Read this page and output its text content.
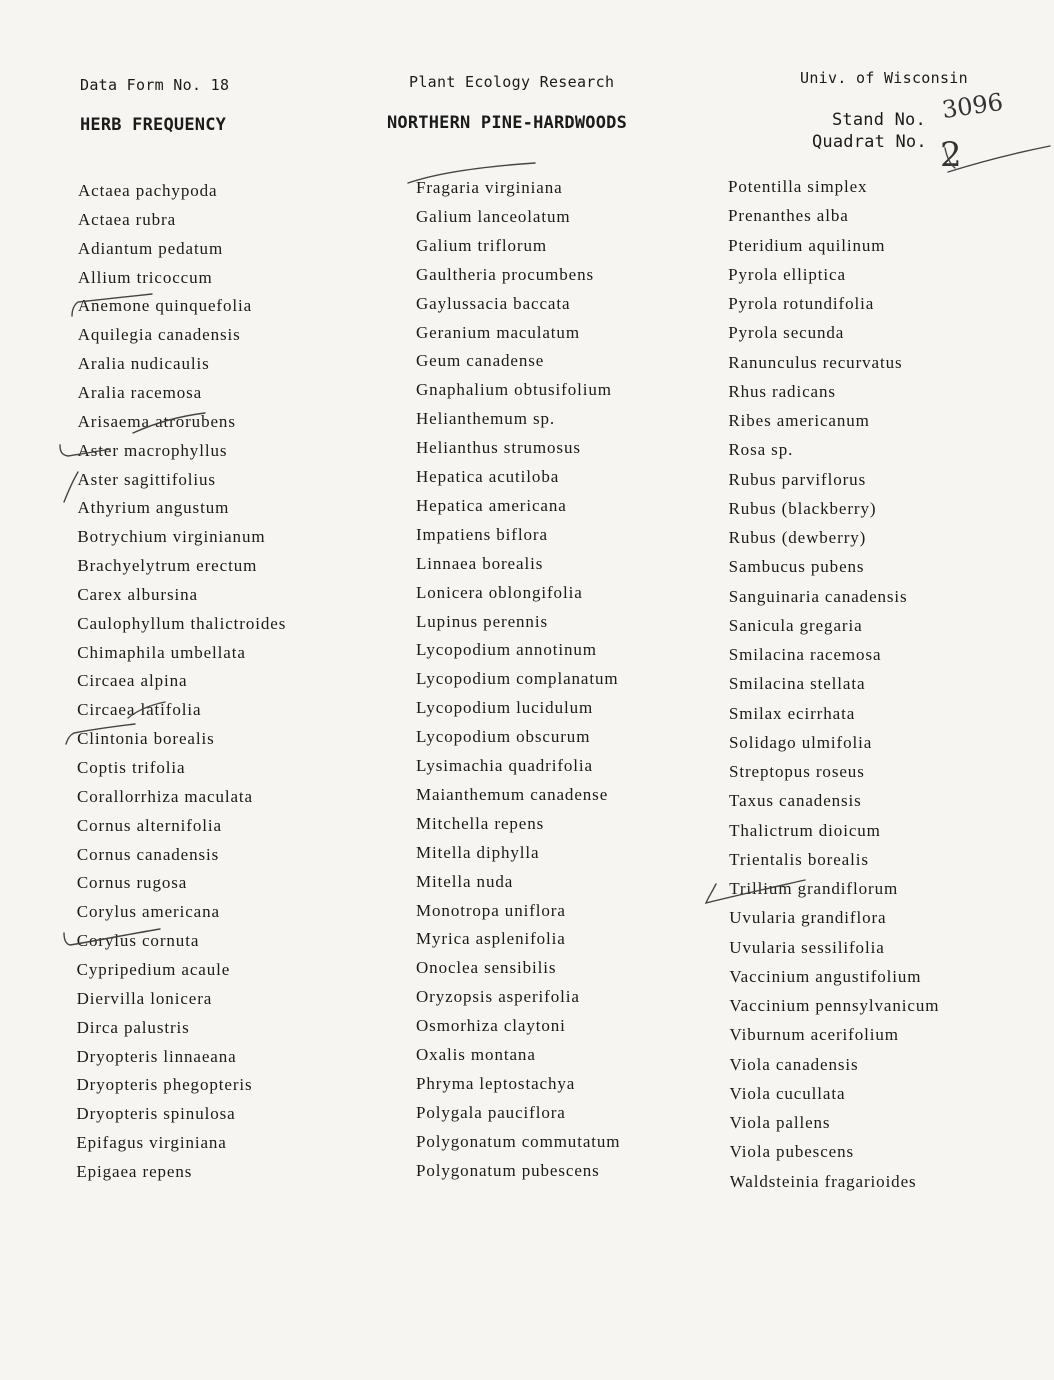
Data Form No. 18	Plant Ecology Research	Univ. of Wisconsin
HERB FREQUENCY	NORTHERN PINE-HARDWOODS	Stand No.
Quadrat No.
3096
2
Actaea pachypoda
Actaea rubra
Adiantum pedatum
Allium tricoccum
Anemone quinquefolia
Aquilegia canadensis
Aralia nudicaulis
Aralia racemosa
Arisaema atrorubens
Aster macrophyllus
Aster sagittifolius
Athyrium angustum
Botrychium virginianum
Brachyelytrum erectum
Carex albursina
Caulophyllum thalictroides
Chimaphila umbellata
Circaea alpina
Circaea latifolia
Clintonia borealis
Coptis trifolia
Corallorrhiza maculata
Cornus alternifolia
Cornus canadensis
Cornus rugosa
Corylus americana
Corylus cornuta
Cypripedium acaule
Diervilla lonicera
Dirca palustris
Dryopteris linnaeana
Dryopteris phegopteris
Dryopteris spinulosa
Epifagus virginiana
Epigaea repens
Fragaria virginiana
Galium lanceolatum
Galium triflorum
Gaultheria procumbens
Gaylussacia baccata
Geranium maculatum
Geum canadense
Gnaphalium obtusifolium
Helianthemum sp.
Helianthus strumosus
Hepatica acutiloba
Hepatica americana
Impatiens biflora
Linnaea borealis
Lonicera oblongifolia
Lupinus perennis
Lycopodium annotinum
Lycopodium complanatum
Lycopodium lucidulum
Lycopodium obscurum
Lysimachia quadrifolia
Maianthemum canadense
Mitchella repens
Mitella diphylla
Mitella nuda
Monotropa uniflora
Myrica asplenifolia
Onoclea sensibilis
Oryzopsis asperifolia
Osmorhiza claytoni
Oxalis montana
Phryma leptostachya
Polygala pauciflora
Polygonatum commutatum
Polygonatum pubescens
Potentilla simplex
Prenanthes alba
Pteridium aquilinum
Pyrola elliptica
Pyrola rotundifolia
Pyrola secunda
Ranunculus recurvatus
Rhus radicans
Ribes americanum
Rosa sp.
Rubus parviflorus
Rubus (blackberry)
Rubus (dewberry)
Sambucus pubens
Sanguinaria canadensis
Sanicula gregaria
Smilacina racemosa
Smilacina stellata
Smilax ecirrhata
Solidago ulmifolia
Streptopus roseus
Taxus canadensis
Thalictrum dioicum
Trientalis borealis
Trillium grandiflorum
Uvularia grandiflora
Uvularia sessilifolia
Vaccinium angustifolium
Vaccinium pennsylvanicum
Viburnum acerifolium
Viola canadensis
Viola cucullata
Viola pallens
Viola pubescens
Waldsteinia fragarioides
